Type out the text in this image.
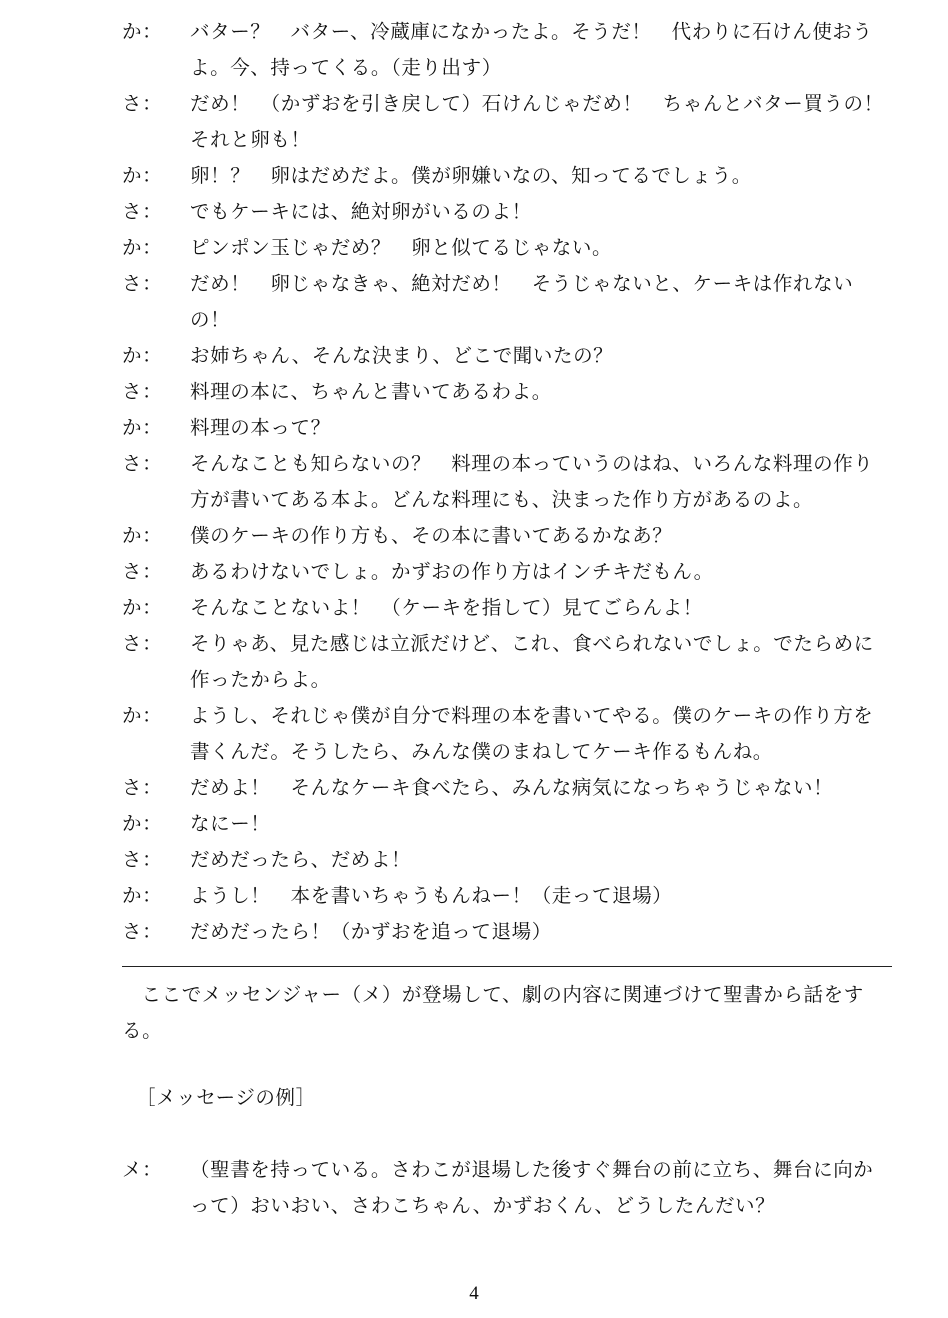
か：	バター？　バター、冷蔵庫になかったよ。そうだ！　代わりに石けん使おうよ。今、持ってくる。（走り出す）
さ：	だめ！　（かずおを引き戻して）石けんじゃだめ！　ちゃんとバター買うの！　それと卵も！
か：	卵！？　卵はだめだよ。僕が卵嫌いなの、知ってるでしょう。
さ：	でもケーキには、絶対卵がいるのよ！
か：	ピンポン玉じゃだめ？　卵と似てるじゃない。
さ：	だめ！　卵じゃなきゃ、絶対だめ！　そうじゃないと、ケーキは作れないの！
か：	お姉ちゃん、そんな決まり、どこで聞いたの？
さ：	料理の本に、ちゃんと書いてあるわよ。
か：	料理の本って？
さ：	そんなことも知らないの？　料理の本っていうのはね、いろんな料理の作り方が書いてある本よ。どんな料理にも、決まった作り方があるのよ。
か：	僕のケーキの作り方も、その本に書いてあるかなあ？
さ：	あるわけないでしょ。かずおの作り方はインチキだもん。
か：	そんなことないよ！　（ケーキを指して）見てごらんよ！
さ：	そりゃあ、見た感じは立派だけど、これ、食べられないでしょ。でたらめに作ったからよ。
か：	ようし、それじゃ僕が自分で料理の本を書いてやる。僕のケーキの作り方を書くんだ。そうしたら、みんな僕のまねしてケーキ作るもんね。
さ：	だめよ！　そんなケーキ食べたら、みんな病気になっちゃうじゃない！
か：	なにー！
さ：	だめだったら、だめよ！
か：	ようし！　本を書いちゃうもんねー！（走って退場）
さ：	だめだったら！（かずおを追って退場）
ここでメッセンジャー（メ）が登場して、劇の内容に関連づけて聖書から話をする。
［メッセージの例］
メ：	（聖書を持っている。さわこが退場した後すぐ舞台の前に立ち、舞台に向かって）おいおい、さわこちゃん、かずおくん、どうしたんだい？
4
